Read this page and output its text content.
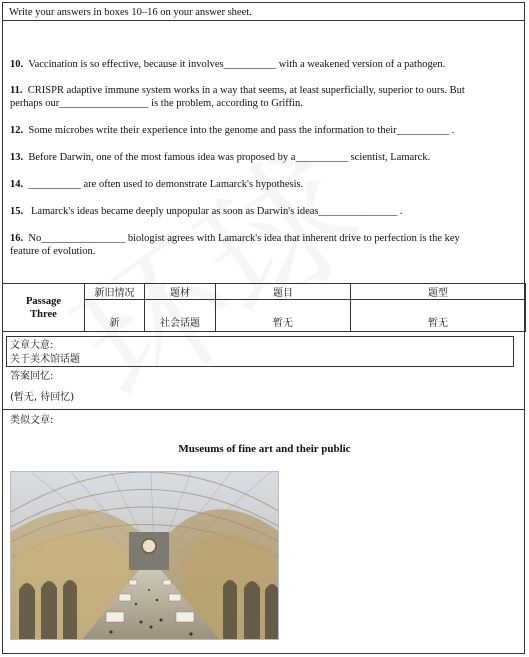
Write your answers in boxes 10–16 on your answer sheet.
10. Vaccination is so effective, because it involves__________ with a weakened version of a pathogen.
11. CRISPR adaptive immune system works in a way that seems, at least superficially, superior to ours. But
perhaps our_________________ is the problem, according to Griffin.
12. Some microbes write their experience into the genome and pass the information to their__________ .
13. Before Darwin, one of the most famous idea was proposed by a__________ scientist, Lamarck.
14. __________ are often used to demonstrate Lamarck's hypothesis.
15. Lamarck's ideas became deeply unpopular as soon as Darwin's ideas_______________ .
16. No________________ biologist agrees with Lamarck's idea that inherent drive to perfection is the key
feature of evolution.
Passage
Three	新旧情况	题材	题目	题型
	新	社会话题	暂无	暂无
文章大意:
关于美术馆话题
答案回忆:
(暂无, 待回忆)
类似文章:
Museums of fine art and their public
